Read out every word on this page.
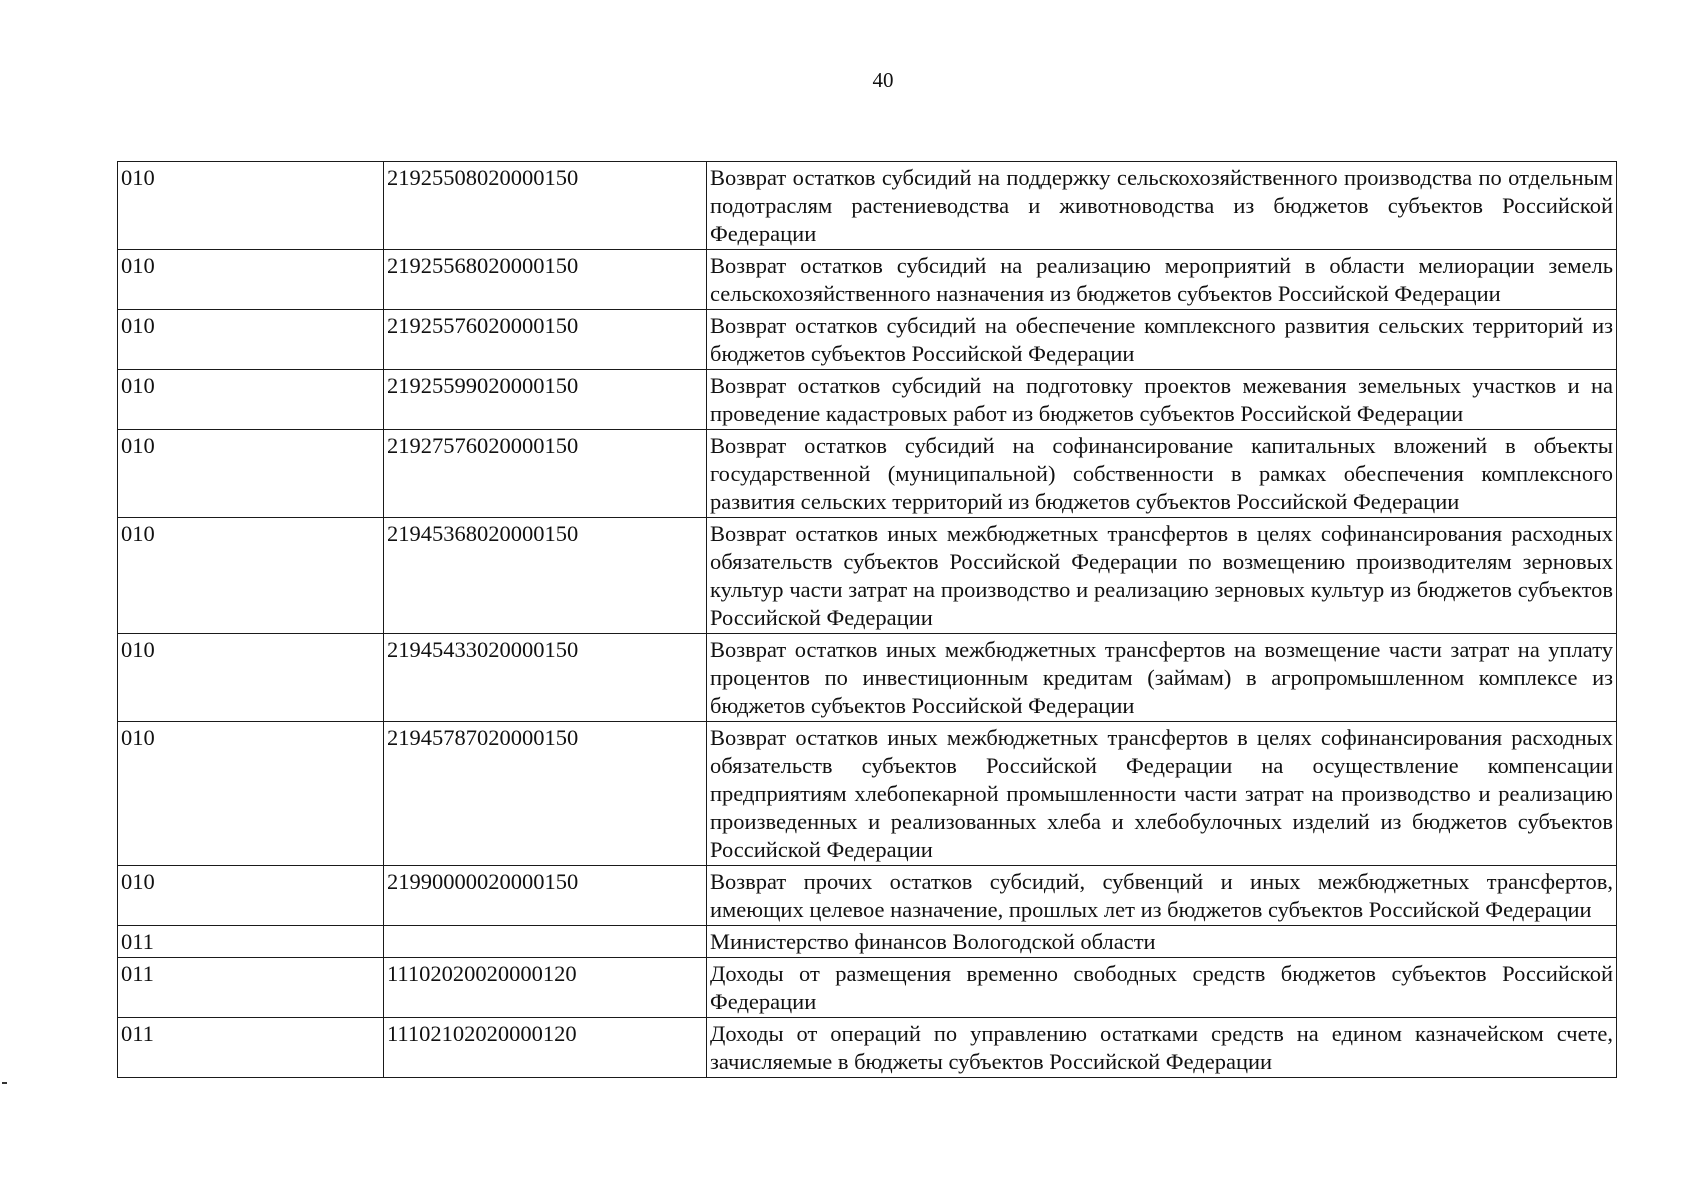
40
010	21925508020000150	Возврат остатков субсидий на поддержку сельскохозяйственного производства по отдельным подотраслям растениеводства и животноводства из бюджетов субъектов Российской Федерации
010	21925568020000150	Возврат остатков субсидий на реализацию мероприятий в области мелиорации земель сельскохозяйственного назначения из бюджетов субъектов Российской Федерации
010	21925576020000150	Возврат остатков субсидий на обеспечение комплексного развития сельских территорий из бюджетов субъектов Российской Федерации
010	21925599020000150	Возврат остатков субсидий на подготовку проектов межевания земельных участков и на проведение кадастровых работ из бюджетов субъектов Российской Федерации
010	21927576020000150	Возврат остатков субсидий на софинансирование капитальных вложений в объекты государственной (муниципальной) собственности в рамках обеспечения комплексного развития сельских территорий из бюджетов субъектов Российской Федерации
010	21945368020000150	Возврат остатков иных межбюджетных трансфертов в целях софинансирования расходных обязательств субъектов Российской Федерации по возмещению производителям зерновых культур части затрат на производство и реализацию зерновых культур из бюджетов субъектов Российской Федерации
010	21945433020000150	Возврат остатков иных межбюджетных трансфертов на возмещение части затрат на уплату процентов по инвестиционным кредитам (займам) в агропромышленном комплексе из бюджетов субъектов Российской Федерации
010	21945787020000150	Возврат остатков иных межбюджетных трансфертов в целях софинансирования расходных обязательств субъектов Российской Федерации на осуществление компенсации предприятиям хлебопекарной промышленности части затрат на производство и реализацию произведенных и реализованных хлеба и хлебобулочных изделий из бюджетов субъектов Российской Федерации
010	21990000020000150	Возврат прочих остатков субсидий, субвенций и иных межбюджетных трансфертов, имеющих целевое назначение, прошлых лет из бюджетов субъектов Российской Федерации
011		Министерство финансов Вологодской области
011	11102020020000120	Доходы от размещения временно свободных средств бюджетов субъектов Российской Федерации
011	11102102020000120	Доходы от операций по управлению остатками средств на едином казначейском счете, зачисляемые в бюджеты субъектов Российской Федерации
